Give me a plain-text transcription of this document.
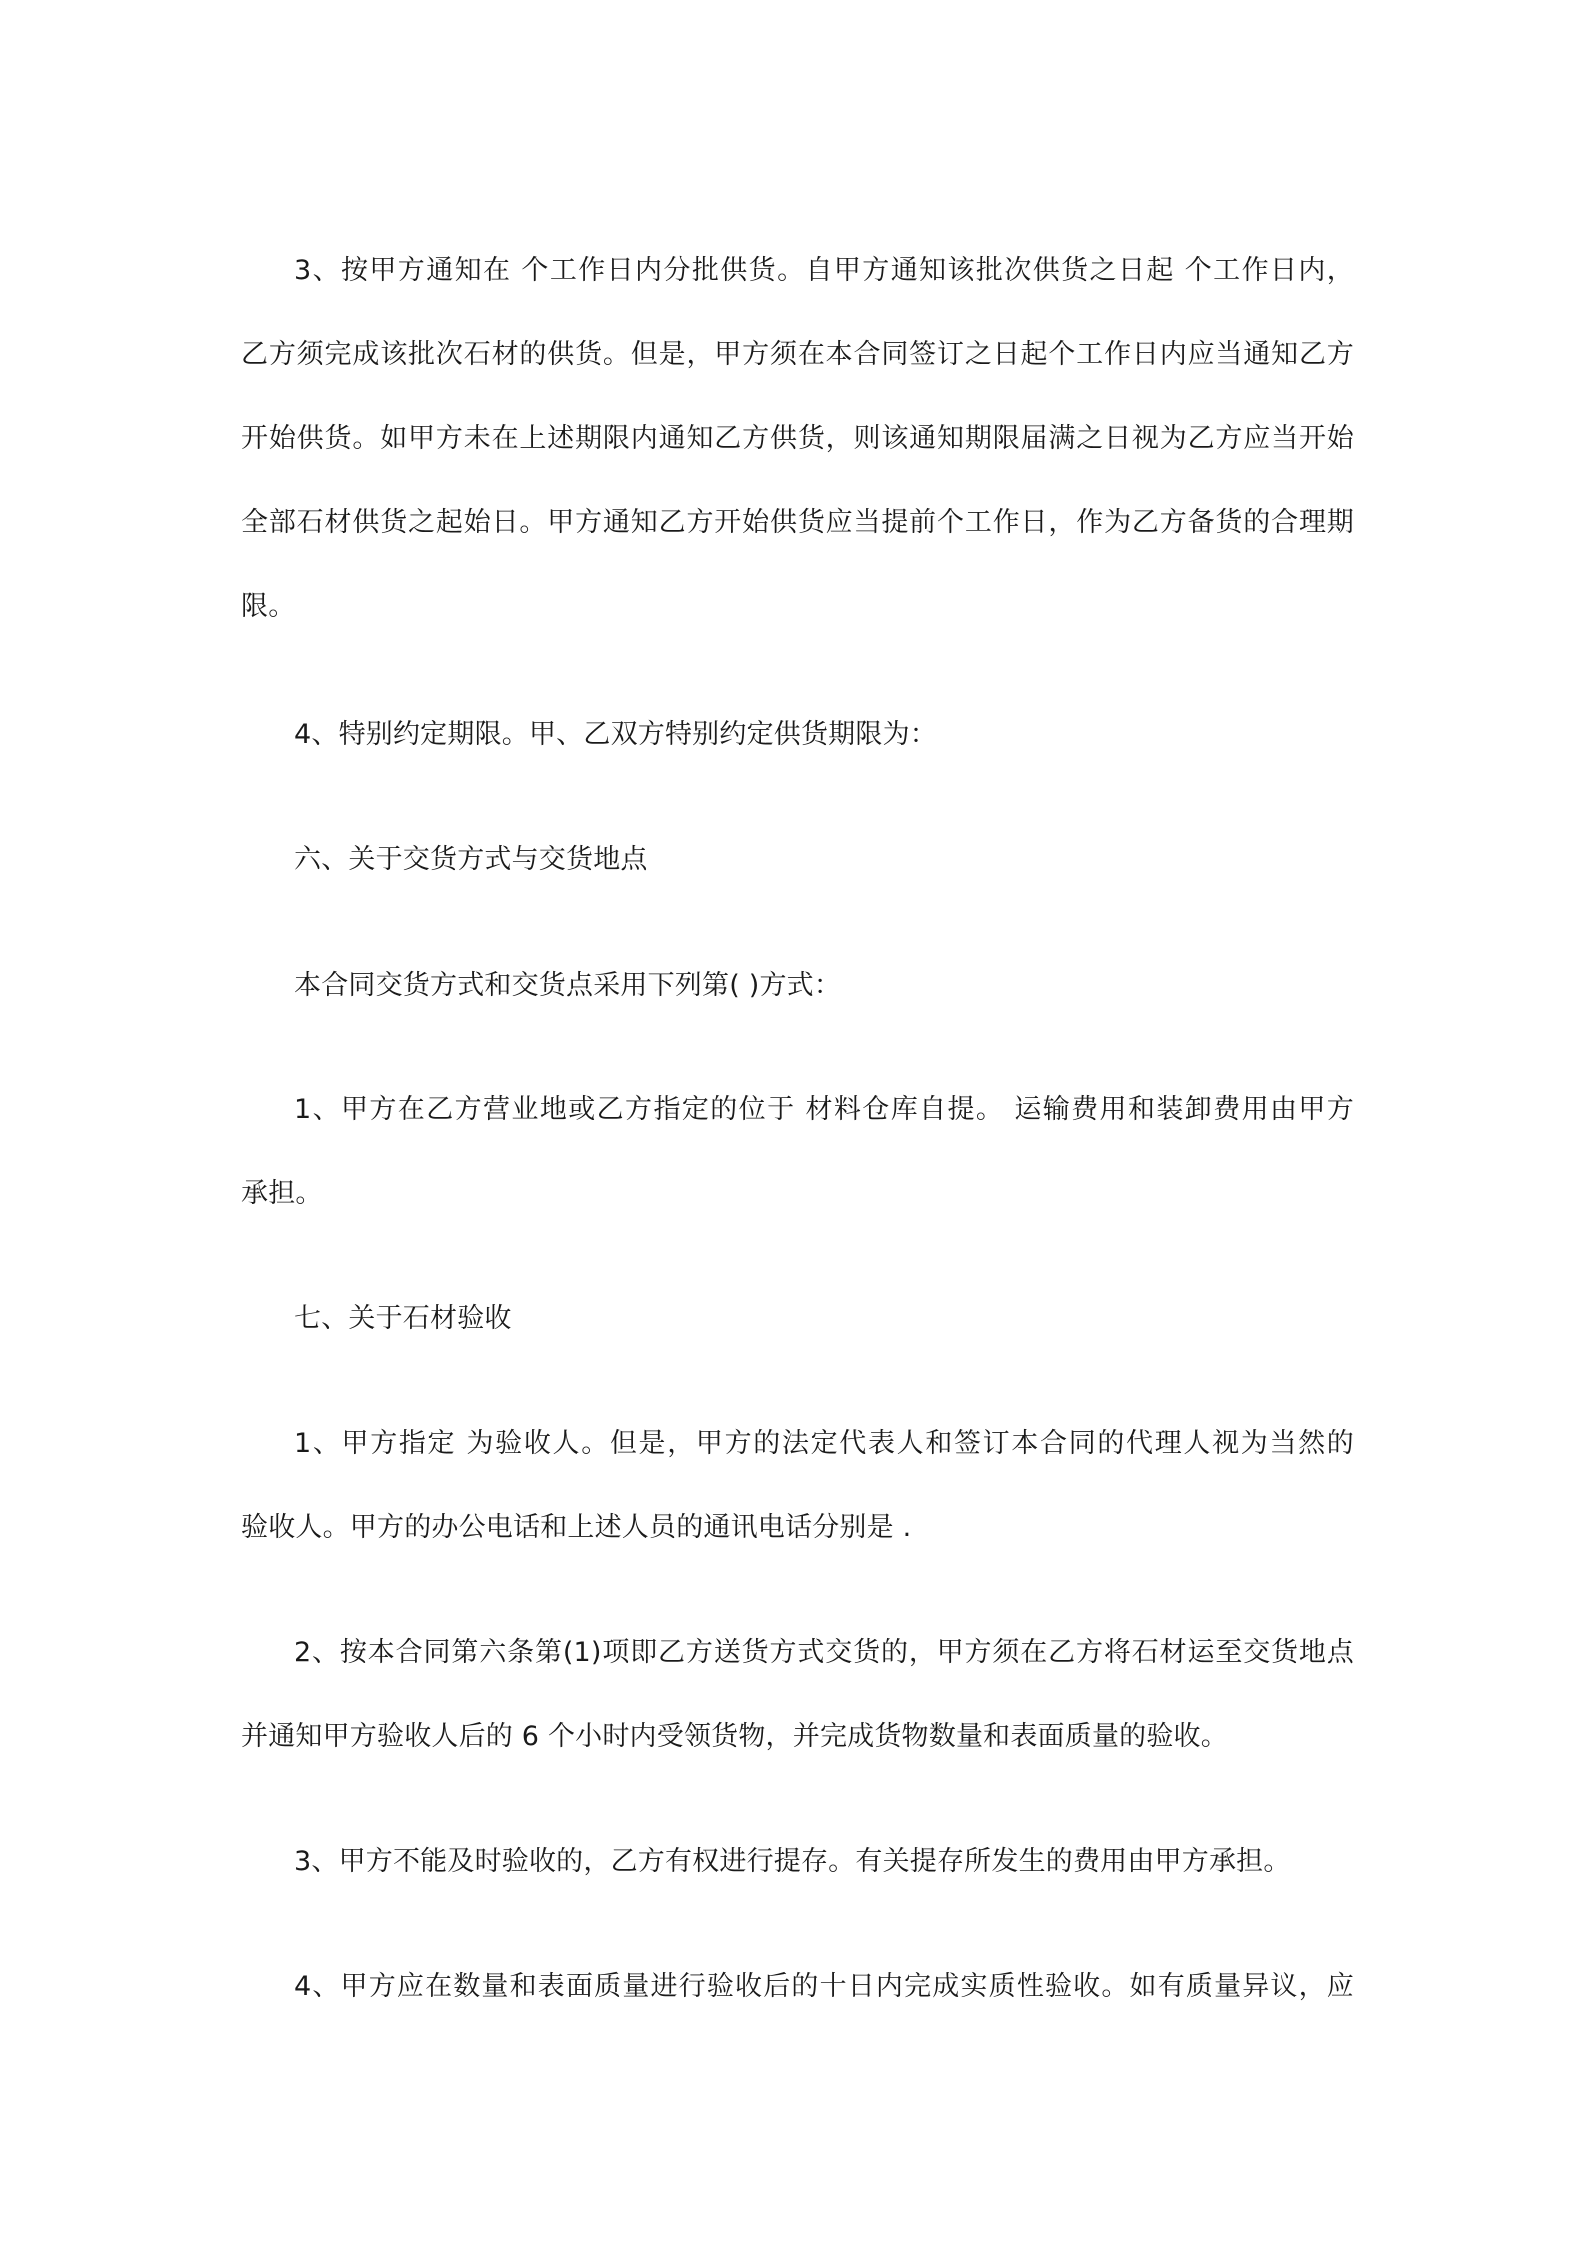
3、按甲方通知在 个工作日内分批供货。自甲方通知该批次供货之日起 个工作日内，
乙方须完成该批次石材的供货。但是，甲方须在本合同签订之日起个工作日内应当通知乙方
开始供货。如甲方未在上述期限内通知乙方供货，则该通知期限届满之日视为乙方应当开始
全部石材供货之起始日。甲方通知乙方开始供货应当提前个工作日，作为乙方备货的合理期
限。
4、特别约定期限。甲、乙双方特别约定供货期限为：
六、关于交货方式与交货地点
本合同交货方式和交货点采用下列第( )方式：
1、甲方在乙方营业地或乙方指定的位于 材料仓库自提。 运输费用和装卸费用由甲方
承担。
七、关于石材验收
1、甲方指定 为验收人。但是，甲方的法定代表人和签订本合同的代理人视为当然的
验收人。甲方的办公电话和上述人员的通讯电话分别是 .
2、按本合同第六条第(1)项即乙方送货方式交货的，甲方须在乙方将石材运至交货地点
并通知甲方验收人后的 6 个小时内受领货物，并完成货物数量和表面质量的验收。
3、甲方不能及时验收的，乙方有权进行提存。有关提存所发生的费用由甲方承担。
4、甲方应在数量和表面质量进行验收后的十日内完成实质性验收。如有质量异议，应
